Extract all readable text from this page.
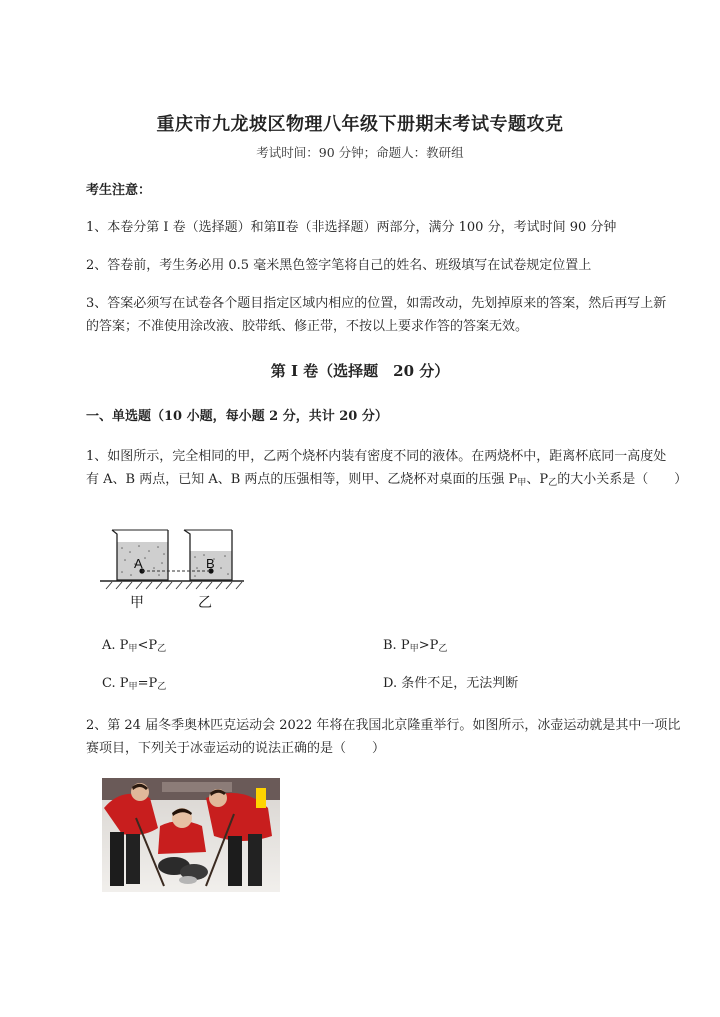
重庆市九龙坡区物理八年级下册期末考试专题攻克
考试时间：90 分钟；命题人：教研组
考生注意：
1、本卷分第 I 卷（选择题）和第Ⅱ卷（非选择题）两部分，满分 100 分，考试时间 90 分钟
2、答卷前，考生务必用 0.5 毫米黑色签字笔将自己的姓名、班级填写在试卷规定位置上
3、答案必须写在试卷各个题目指定区域内相应的位置，如需改动，先划掉原来的答案，然后再写上新
的答案；不准使用涂改液、胶带纸、修正带，不按以上要求作答的答案无效。
第 I 卷（选择题　20 分）
一、单选题（10 小题，每小题 2 分，共计 20 分）
1、如图所示，完全相同的甲，乙两个烧杯内装有密度不同的液体。在两烧杯中，距离杯底同一高度处
有 A、B 两点，已知 A、B 两点的压强相等，则甲、乙烧杯对桌面的压强 $P_甲$、$P_乙$的大小关系是（　　）
A	B
甲	乙
A. $P_甲<P_乙$	B. $P_甲>P_乙$
C. $P_甲=P_乙$	D. 条件不足，无法判断
2、第 24 届冬季奥林匹克运动会 2022 年将在我国北京隆重举行。如图所示，冰壶运动就是其中一项比
赛项目，下列关于冰壶运动的说法正确的是（　　）
